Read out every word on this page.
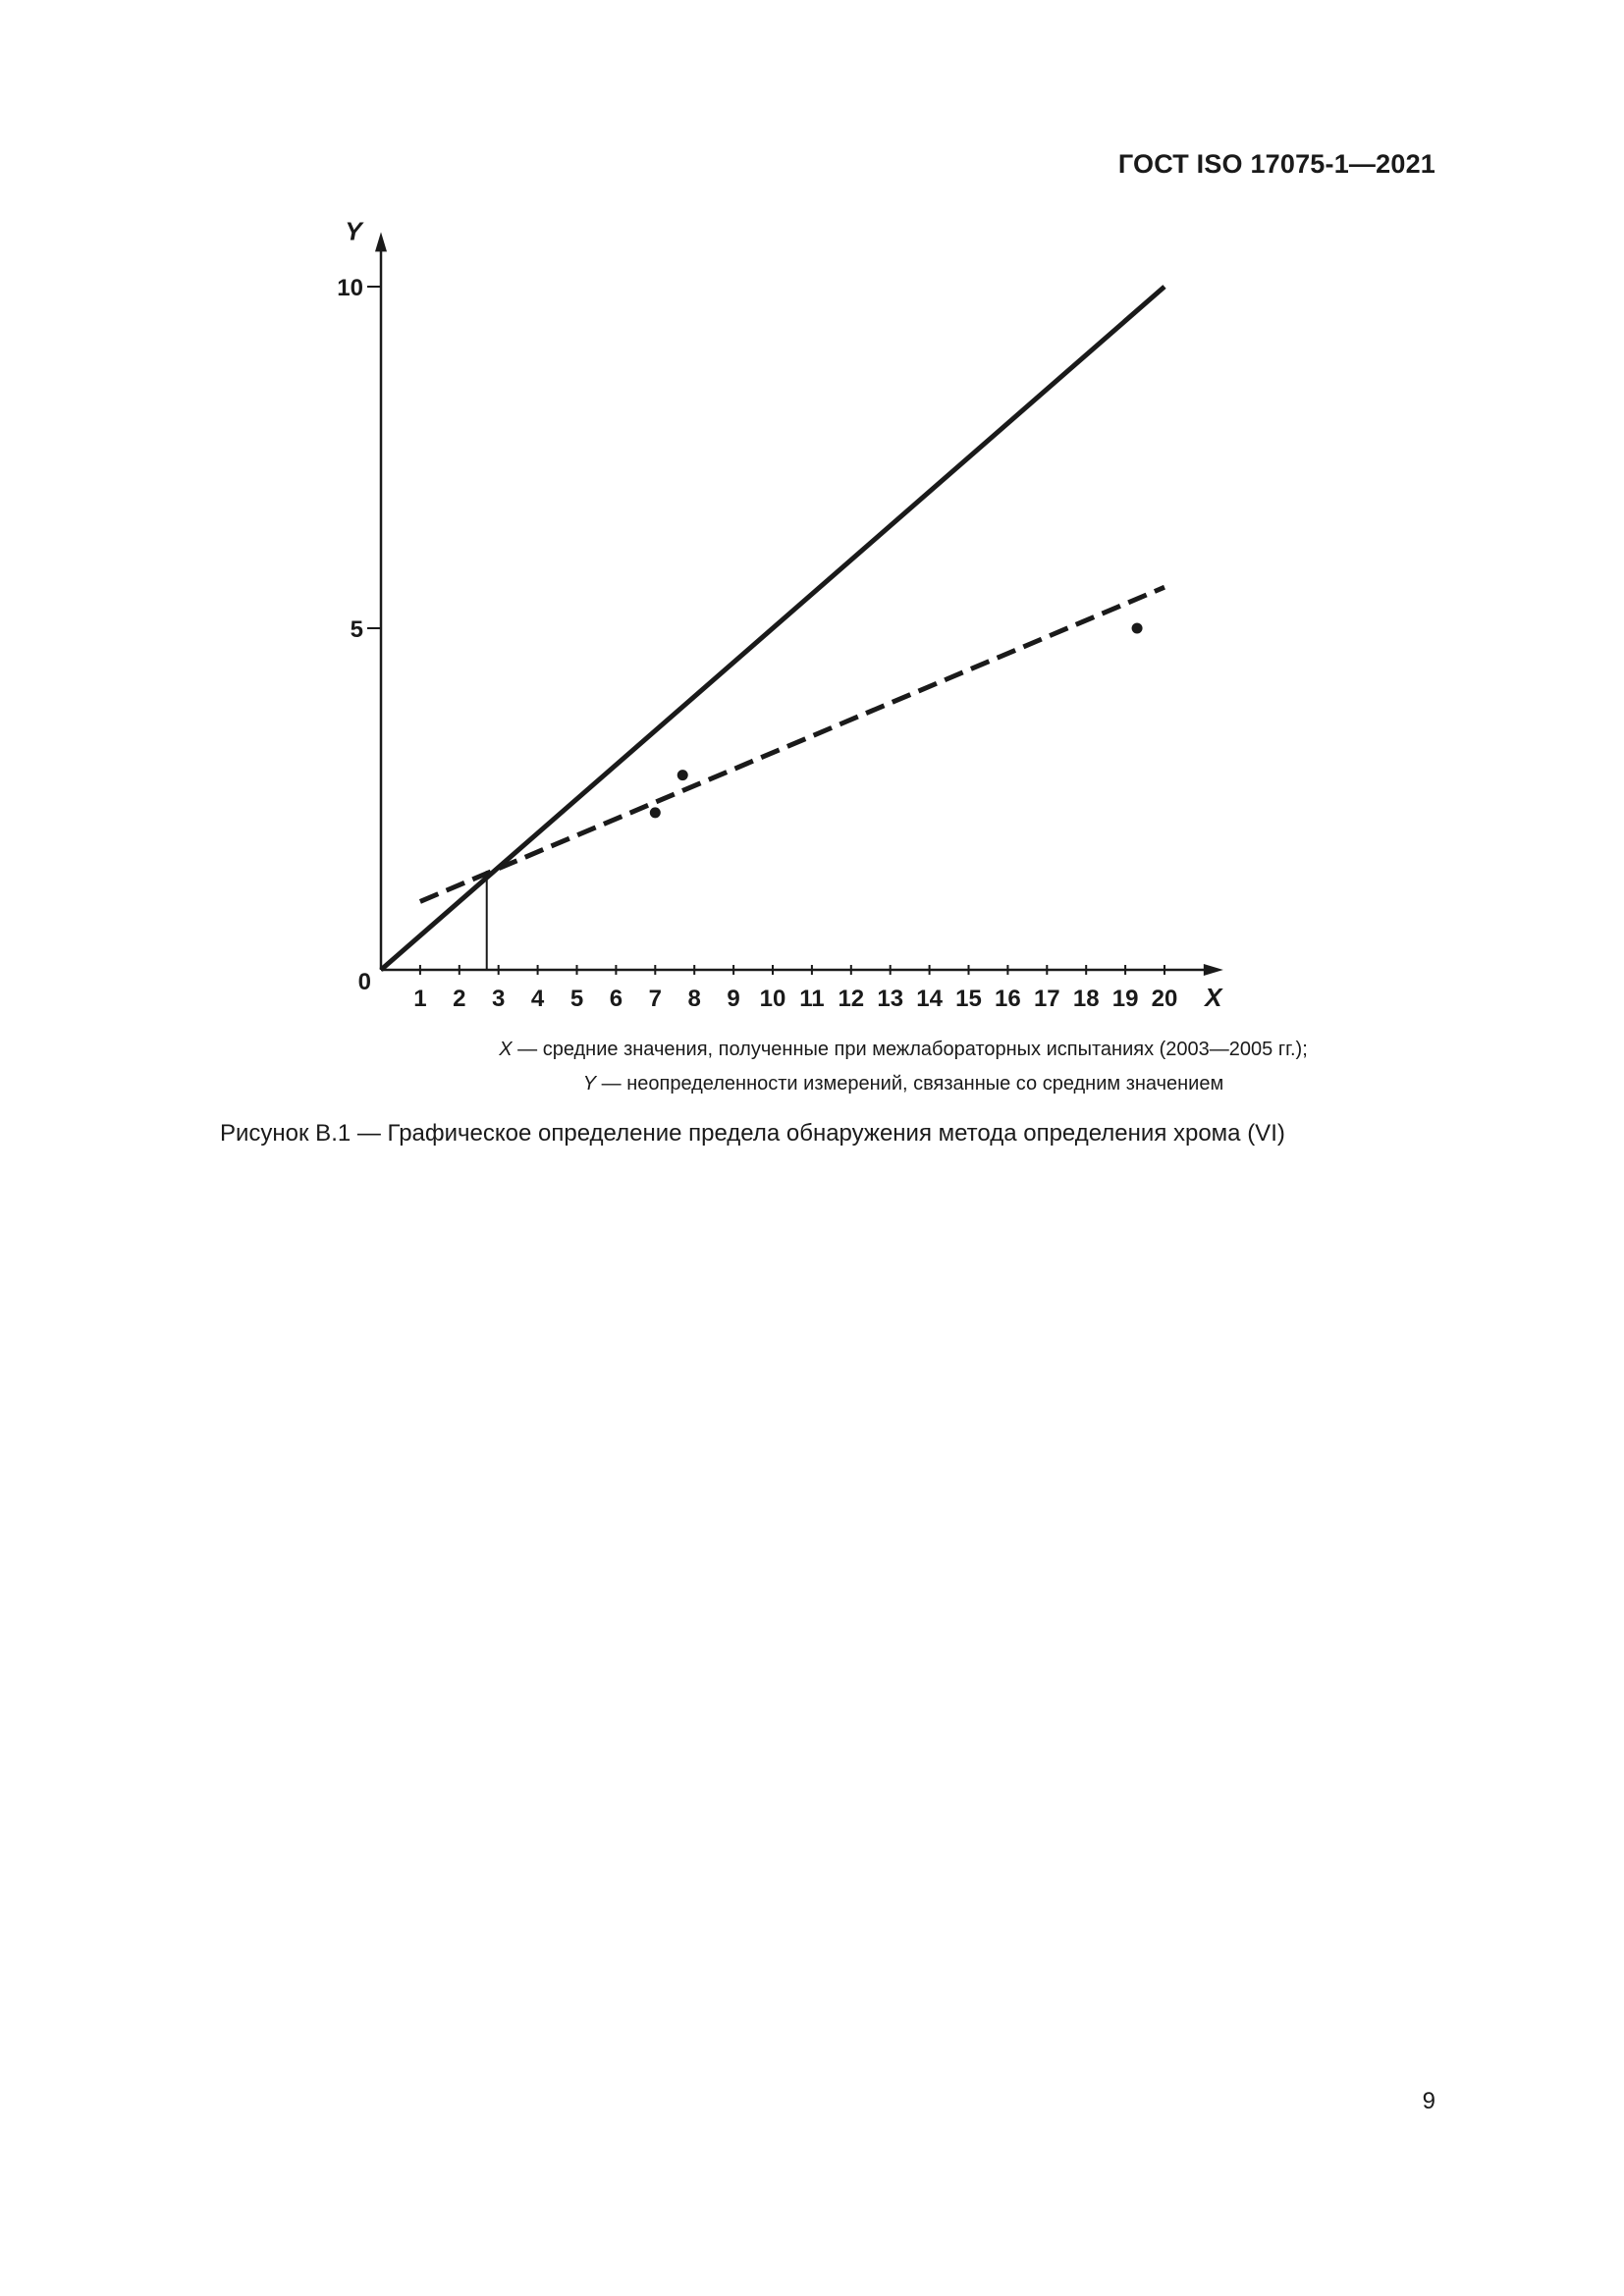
ГОСТ ISO 17075-1—2021
1 2 3 4 5 6 7 8 9 10 11 12 13 14 15 16 17 18 19 20
0
5
10
X
Y
X — средние значения, полученные при межлабораторных испытаниях (2003—2005 гг.);
Y — неопределенности измерений, связанные со средним значением
Рисунок В.1 — Графическое определение предела обнаружения метода определения хрома (VI)
9
